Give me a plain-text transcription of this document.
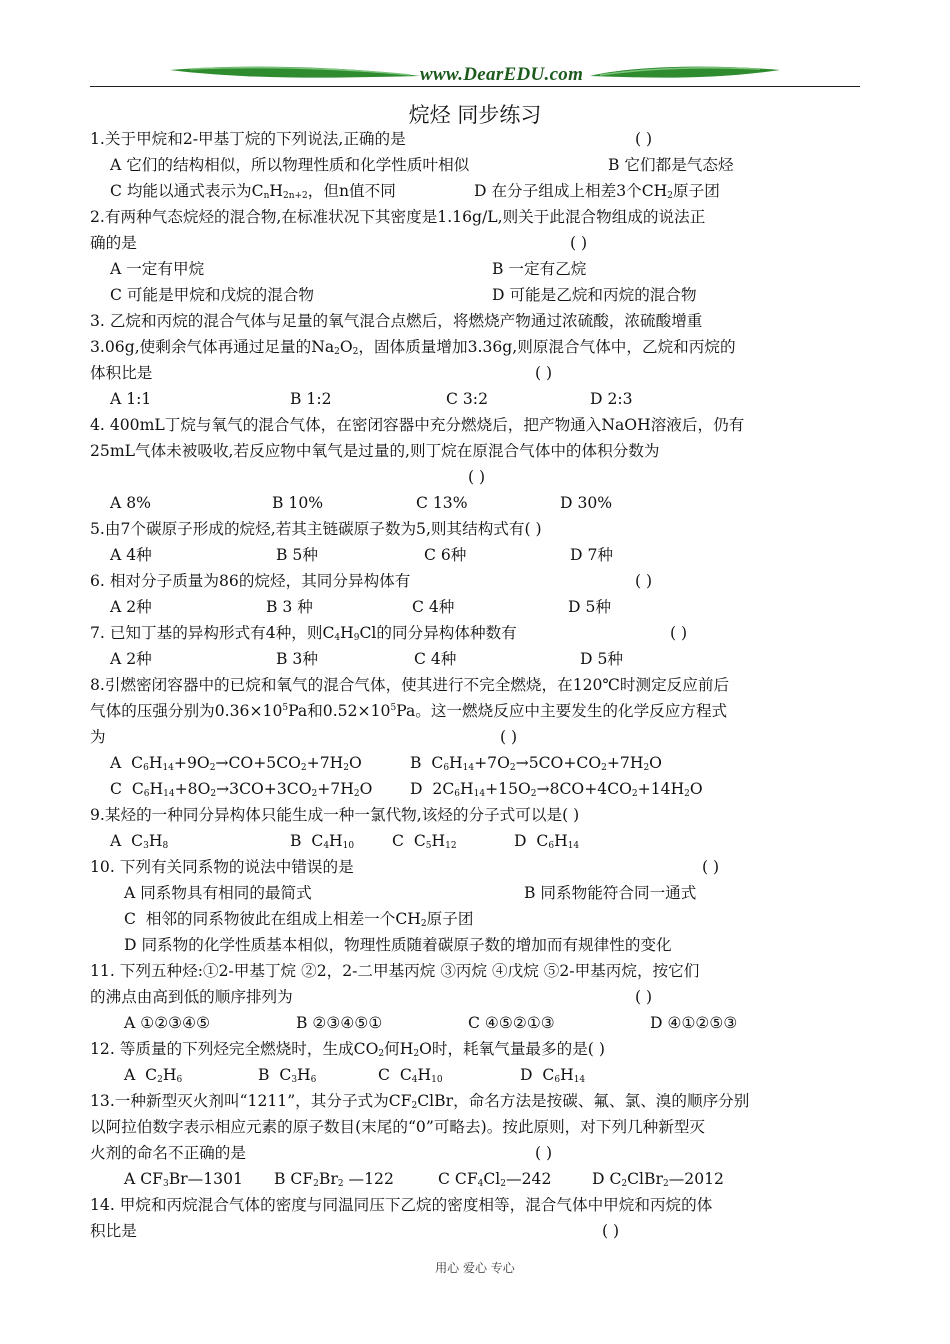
www.DearEDU.com
烷烃 同步练习
1.关于甲烷和2-甲基丁烷的下列说法,正确的是	( )
A 它们的结构相似，所以物理性质和化学性质叶相似	B 它们都是气态烃
C 均能以通式表示为$C_nH_{2n+2}$，但n值不同	D 在分子组成上相差3个$CH_2$原子团
2.有两种气态烷烃的混合物,在标准状况下其密度是1.16g/L,则关于此混合物组成的说法正
确的是	( )
A 一定有甲烷	B 一定有乙烷
C 可能是甲烷和戊烷的混合物	D 可能是乙烷和丙烷的混合物
3. 乙烷和丙烷的混合气体与足量的氧气混合点燃后，将燃烧产物通过浓硫酸，浓硫酸增重
3.06g,使剩余气体再通过足量的$Na_2O_2$，固体质量增加3.36g,则原混合气体中，乙烷和丙烷的
体积比是	( )
A 1:1	B 1:2	C 3:2	D 2:3
4. 400mL丁烷与氧气的混合气体，在密闭容器中充分燃烧后，把产物通入NaOH溶液后，仍有
25mL气体未被吸收,若反应物中氧气是过量的,则丁烷在原混合气体中的体积分数为
( )
A 8%	B 10%	C 13%	D 30%
5.由7个碳原子形成的烷烃,若其主链碳原子数为5,则其结构式有( )
A 4种	B 5种	C 6种	D 7种
6. 相对分子质量为86的烷烃，其同分异构体有	( )
A 2种	B 3 种	C 4种	D 5种
7. 已知丁基的异构形式有4种，则$C_4H_9Cl$的同分异构体种数有	( )
A 2种	B 3种	C 4种	D 5种
8.引燃密闭容器中的已烷和氧气的混合气体，使其进行不完全燃烧，在120℃时测定反应前后
气体的压强分别为$0.36\times 10^5Pa$和$0.52\times 10^5Pa$。这一燃烧反应中主要发生的化学反应方程式
为	( )
A  $C_6H_{14}+9O_2\to CO+5CO_2+7H_2O$	B  $C_6H_{14}+7O_2\to 5CO+CO_2+7H_2O$
C  $C_6H_{14}+8O_2\to 3CO+3CO_2+7H_2O$ D  $2C_6H_{14}+15O_2\to 8CO+4CO_2+14H_2O$
9.某烃的一种同分异构体只能生成一种一氯代物,该烃的分子式可以是( )
A  $C_3H_8$	B  $C_4H_{10}$ C  $C_5H_{12}$	D  $C_6H_{14}$
10. 下列有关同系物的说法中错误的是	( )
A 同系物具有相同的最简式	B 同系物能符合同一通式
C  相邻的同系物彼此在组成上相差一个$CH_2$原子团
D 同系物的化学性质基本相似，物理性质随着碳原子数的增加而有规律性的变化
11. 下列五种烃:①2-甲基丁烷 ②2，2-二甲基丙烷 ③丙烷 ④戊烷 ⑤2-甲基丙烷，按它们
的沸点由高到低的顺序排列为	( )
A ①②③④⑤	B ②③④⑤①	C ④⑤②①③	D ④①②⑤③
12. 等质量的下列烃完全燃烧时，生成$CO_2$何$H_2O$时，耗氧气量最多的是( )
A  $C_2H_6$	B  $C_3H_6$	C  $C_4H_{10}$	D  $C_6H_{14}$
13.一种新型灭火剂叫“1211”，其分子式为$CF_2ClBr$，命名方法是按碳、氟、氯、溴的顺序分别
以阿拉伯数字表示相应元素的原子数目(末尾的“0”可略去)。按此原则，对下列几种新型灭
火剂的命名不正确的是	( )
A $CF_3Br—1301$ B $CF_2Br_2$ —122	C $CF_4Cl_2—242$	D $C_2ClBr_2—2012$
14. 甲烷和丙烷混合气体的密度与同温同压下乙烷的密度相等，混合气体中甲烷和丙烷的体
积比是	( )
用心 爱心 专心
